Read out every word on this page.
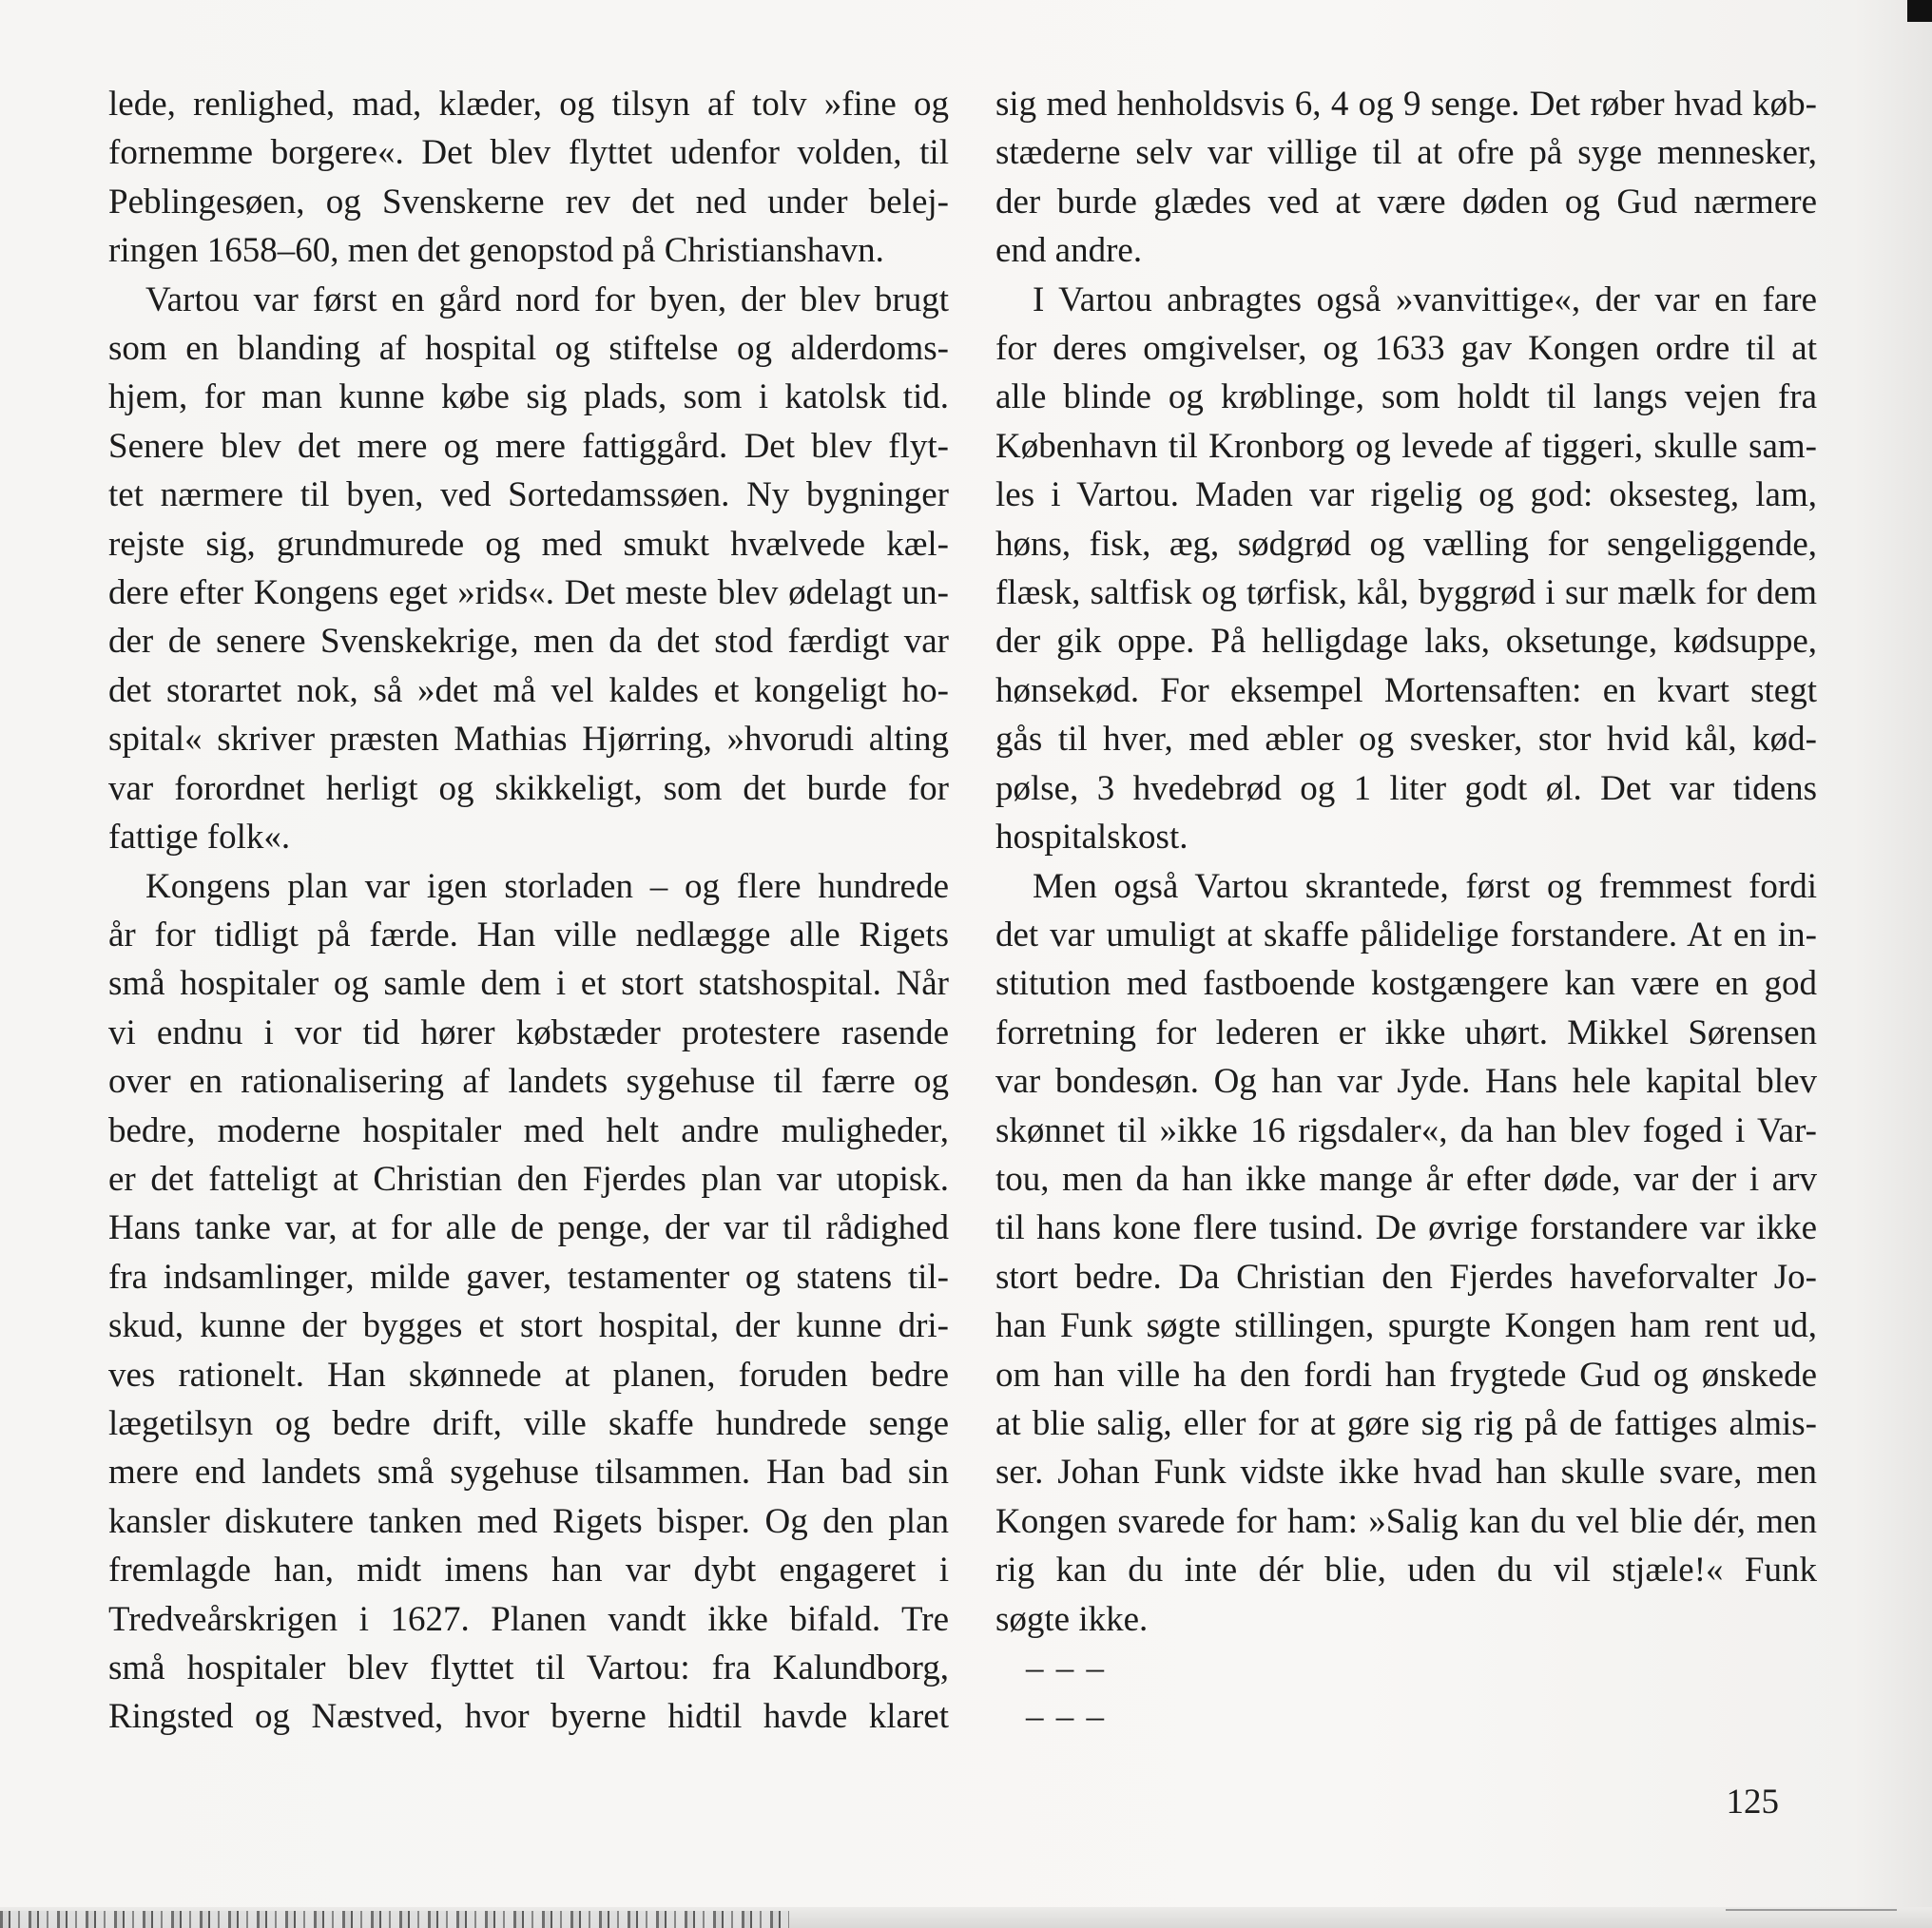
lede, renlighed, mad, klæder, og tilsyn af tolv »fine og
fornemme borgere«. Det blev flyttet udenfor volden, til
Peblingesøen, og Svenskerne rev det ned under belej-
ringen 1658–60, men det genopstod på Christianshavn.
Vartou var først en gård nord for byen, der blev brugt
som en blanding af hospital og stiftelse og alderdoms-
hjem, for man kunne købe sig plads, som i katolsk tid.
Senere blev det mere og mere fattiggård. Det blev flyt-
tet nærmere til byen, ved Sortedamssøen. Ny bygninger
rejste sig, grundmurede og med smukt hvælvede kæl-
dere efter Kongens eget »rids«. Det meste blev ødelagt un-
der de senere Svenskekrige, men da det stod færdigt var
det storartet nok, så »det må vel kaldes et kongeligt ho-
spital« skriver præsten Mathias Hjørring, »hvorudi alting
var forordnet herligt og skikkeligt, som det burde for
fattige folk«.
Kongens plan var igen storladen – og flere hundrede
år for tidligt på færde. Han ville nedlægge alle Rigets
små hospitaler og samle dem i et stort statshospital. Når
vi endnu i vor tid hører købstæder protestere rasende
over en rationalisering af landets sygehuse til færre og
bedre, moderne hospitaler med helt andre muligheder,
er det fatteligt at Christian den Fjerdes plan var utopisk.
Hans tanke var, at for alle de penge, der var til rådighed
fra indsamlinger, milde gaver, testamenter og statens til-
skud, kunne der bygges et stort hospital, der kunne dri-
ves rationelt. Han skønnede at planen, foruden bedre
lægetilsyn og bedre drift, ville skaffe hundrede senge
mere end landets små sygehuse tilsammen. Han bad sin
kansler diskutere tanken med Rigets bisper. Og den plan
fremlagde han, midt imens han var dybt engageret i
Tredveårskrigen i 1627. Planen vandt ikke bifald. Tre
små hospitaler blev flyttet til Vartou: fra Kalundborg,
Ringsted og Næstved, hvor byerne hidtil havde klaret
sig med henholdsvis 6, 4 og 9 senge. Det røber hvad køb-
stæderne selv var villige til at ofre på syge mennesker,
der burde glædes ved at være døden og Gud nærmere
end andre.
I Vartou anbragtes også »vanvittige«, der var en fare
for deres omgivelser, og 1633 gav Kongen ordre til at
alle blinde og krøblinge, som holdt til langs vejen fra
København til Kronborg og levede af tiggeri, skulle sam-
les i Vartou. Maden var rigelig og god: oksesteg, lam,
høns, fisk, æg, sødgrød og vælling for sengeliggende,
flæsk, saltfisk og tørfisk, kål, byggrød i sur mælk for dem
der gik oppe. På helligdage laks, oksetunge, kødsuppe,
hønsekød. For eksempel Mortensaften: en kvart stegt
gås til hver, med æbler og svesker, stor hvid kål, kød-
pølse, 3 hvedebrød og 1 liter godt øl. Det var tidens
hospitalskost.
Men også Vartou skrantede, først og fremmest fordi
det var umuligt at skaffe pålidelige forstandere. At en in-
stitution med fastboende kostgængere kan være en god
forretning for lederen er ikke uhørt. Mikkel Sørensen
var bondesøn. Og han var Jyde. Hans hele kapital blev
skønnet til »ikke 16 rigsdaler«, da han blev foged i Var-
tou, men da han ikke mange år efter døde, var der i arv
til hans kone flere tusind. De øvrige forstandere var ikke
stort bedre. Da Christian den Fjerdes haveforvalter Jo-
han Funk søgte stillingen, spurgte Kongen ham rent ud,
om han ville ha den fordi han frygtede Gud og ønskede
at blie salig, eller for at gøre sig rig på de fattiges almis-
ser. Johan Funk vidste ikke hvad han skulle svare, men
Kongen svarede for ham: »Salig kan du vel blie dér, men
rig kan du inte dér blie, uden du vil stjæle!« Funk
søgte ikke.
– – –
– – –
125
